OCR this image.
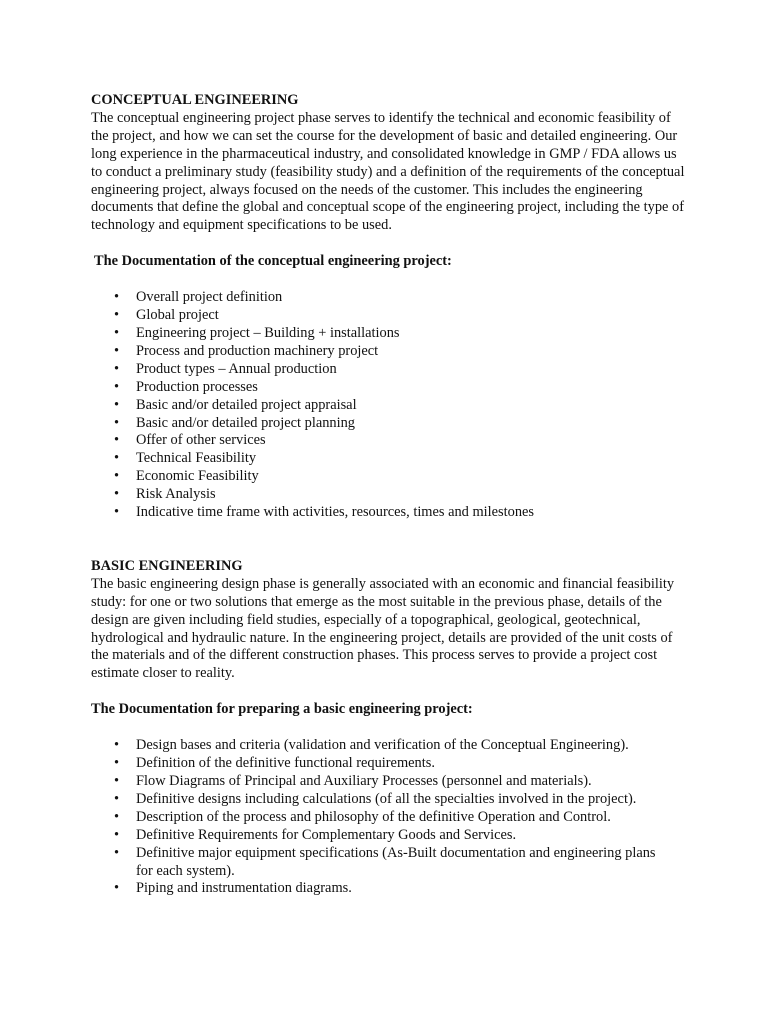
CONCEPTUAL ENGINEERING

The conceptual engineering project phase serves to identify the technical and economic feasibility of the project, and how we can set the course for the development of basic and detailed engineering. Our long experience in the pharmaceutical industry, and consolidated knowledge in GMP / FDA allows us to conduct a preliminary study (feasibility study) and a definition of the requirements of the conceptual engineering project, always focused on the needs of the customer. This includes the engineering documents that define the global and conceptual scope of the engineering project, including the type of technology and equipment specifications to be used.

The Documentation of the conceptual engineering project:

• Overall project definition
• Global project
• Engineering project – Building + installations
• Process and production machinery project
• Product types – Annual production
• Production processes
• Basic and/or detailed project appraisal
• Basic and/or detailed project planning
• Offer of other services
• Technical Feasibility
• Economic Feasibility
• Risk Analysis
• Indicative time frame with activities, resources, times and milestones

BASIC ENGINEERING

The basic engineering design phase is generally associated with an economic and financial feasibility study: for one or two solutions that emerge as the most suitable in the previous phase, details of the design are given including field studies, especially of a topographical, geological, geotechnical, hydrological and hydraulic nature. In the engineering project, details are provided of the unit costs of the materials and of the different construction phases. This process serves to provide a project cost estimate closer to reality.

The Documentation for preparing a basic engineering project:

• Design bases and criteria (validation and verification of the Conceptual Engineering).
• Definition of the definitive functional requirements.
• Flow Diagrams of Principal and Auxiliary Processes (personnel and materials).
• Definitive designs including calculations (of all the specialties involved in the project).
• Description of the process and philosophy of the definitive Operation and Control.
• Definitive Requirements for Complementary Goods and Services.
• Definitive major equipment specifications (As-Built documentation and engineering plans for each system).
• Piping and instrumentation diagrams.
